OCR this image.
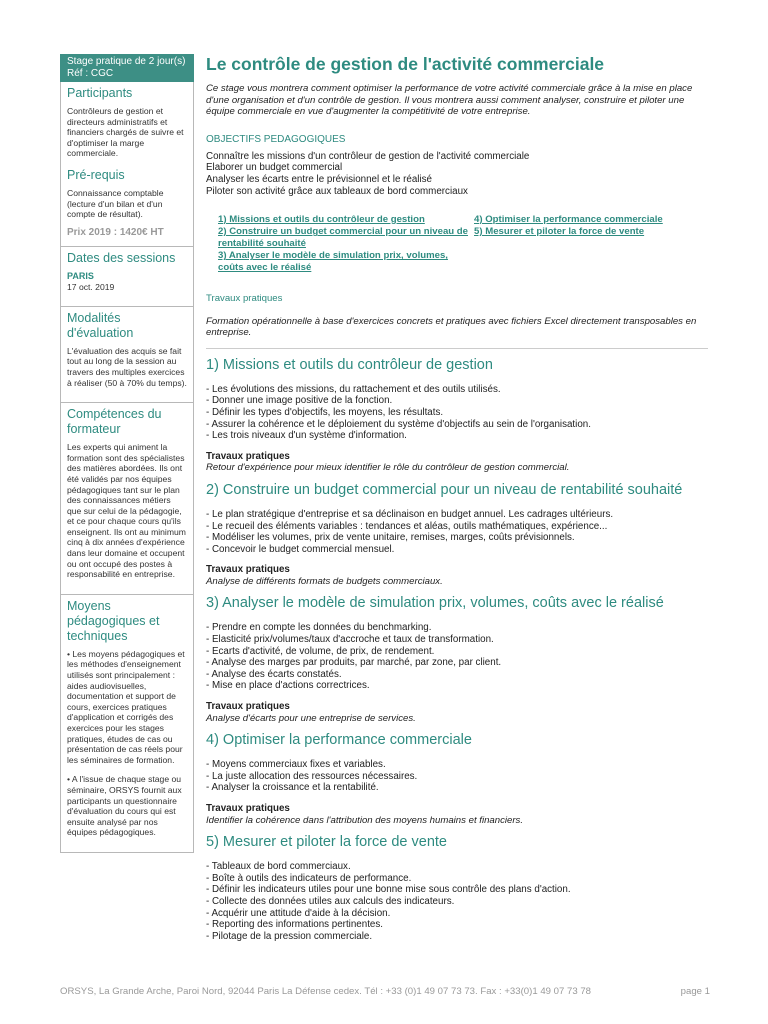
Stage pratique de 2 jour(s)
Réf : CGC
Participants

Contrôleurs de gestion et directeurs administratifs et financiers chargés de suivre et d'optimiser la marge commerciale.

Pré-requis

Connaissance comptable (lecture d'un bilan et d'un compte de résultat).

Prix 2019 : 1420€ HT
Dates des sessions
PARIS
17 oct. 2019
Modalités d'évaluation

L'évaluation des acquis se fait tout au long de la session au travers des multiples exercices à réaliser (50 à 70% du temps).

Compétences du formateur

Les experts qui animent la formation sont des spécialistes des matières abordées. Ils ont été validés par nos équipes pédagogiques tant sur le plan des connaissances métiers que sur celui de la pédagogie, et ce pour chaque cours qu'ils enseignent. Ils ont au minimum cinq à dix années d'expérience dans leur domaine et occupent ou ont occupé des postes à responsabilité en entreprise.

Moyens pédagogiques et techniques

• Les moyens pédagogiques et les méthodes d'enseignement utilisés sont principalement : aides audiovisuelles, documentation et support de cours, exercices pratiques d'application et corrigés des exercices pour les stages pratiques, études de cas ou présentation de cas réels pour les séminaires de formation.

• A l'issue de chaque stage ou séminaire, ORSYS fournit aux participants un questionnaire d'évaluation du cours qui est ensuite analysé par nos équipes pédagogiques.

Le contrôle de gestion de l'activité commerciale

Ce stage vous montrera comment optimiser la performance de votre activité commerciale grâce à la mise en place d'une organisation et d'un contrôle de gestion. Il vous montrera aussi comment analyser, construire et piloter une équipe commerciale en vue d'augmenter la compétitivité de votre entreprise.

OBJECTIFS PEDAGOGIQUES
Connaître les missions d'un contrôleur de gestion de l'activité commerciale
Elaborer un budget commercial
Analyser les écarts entre le prévisionnel et le réalisé
Piloter son activité grâce aux tableaux de bord commerciaux
1) Missions et outils du contrôleur de gestion
2) Construire un budget commercial pour un niveau de rentabilité souhaité
3) Analyser le modèle de simulation prix, volumes, coûts avec le réalisé
4) Optimiser la performance commerciale
5) Mesurer et piloter la force de vente
Travaux pratiques

Formation opérationnelle à base d'exercices concrets et pratiques avec fichiers Excel directement transposables en entreprise.

1) Missions et outils du contrôleur de gestion
- Les évolutions des missions, du rattachement et des outils utilisés.
- Donner une image positive de la fonction.
- Définir les types d'objectifs, les moyens, les résultats.
- Assurer la cohérence et le déploiement du système d'objectifs au sein de l'organisation.
- Les trois niveaux d'un système d'information.
Travaux pratiques
Retour d'expérience pour mieux identifier le rôle du contrôleur de gestion commercial.
2) Construire un budget commercial pour un niveau de rentabilité souhaité
- Le plan stratégique d'entreprise et sa déclinaison en budget annuel. Les cadrages ultérieurs.
- Le recueil des éléments variables : tendances et aléas, outils mathématiques, expérience...
- Modéliser les volumes, prix de vente unitaire, remises, marges, coûts prévisionnels.
- Concevoir le budget commercial mensuel.
Travaux pratiques
Analyse de différents formats de budgets commerciaux.
3) Analyser le modèle de simulation prix, volumes, coûts avec le réalisé
- Prendre en compte les données du benchmarking.
- Elasticité prix/volumes/taux d'accroche et taux de transformation.
- Ecarts d'activité, de volume, de prix, de rendement.
- Analyse des marges par produits, par marché, par zone, par client.
- Analyse des écarts constatés.
- Mise en place d'actions correctrices.
Travaux pratiques
Analyse d'écarts pour une entreprise de services.
4) Optimiser la performance commerciale
- Moyens commerciaux fixes et variables.
- La juste allocation des ressources nécessaires.
- Analyser la croissance et la rentabilité.
Travaux pratiques
Identifier la cohérence dans l'attribution des moyens humains et financiers.
5) Mesurer et piloter la force de vente
- Tableaux de bord commerciaux.
- Boîte à outils des indicateurs de performance.
- Définir les indicateurs utiles pour une bonne mise sous contrôle des plans d'action.
- Collecte des données utiles aux calculs des indicateurs.
- Acquérir une attitude d'aide à la décision.
- Reporting des informations pertinentes.
- Pilotage de la pression commerciale.
ORSYS, La Grande Arche, Paroi Nord, 92044 Paris La Défense cedex. Tél : +33 (0)1 49 07 73 73. Fax : +33(0)1 49 07 73 78	page 1
